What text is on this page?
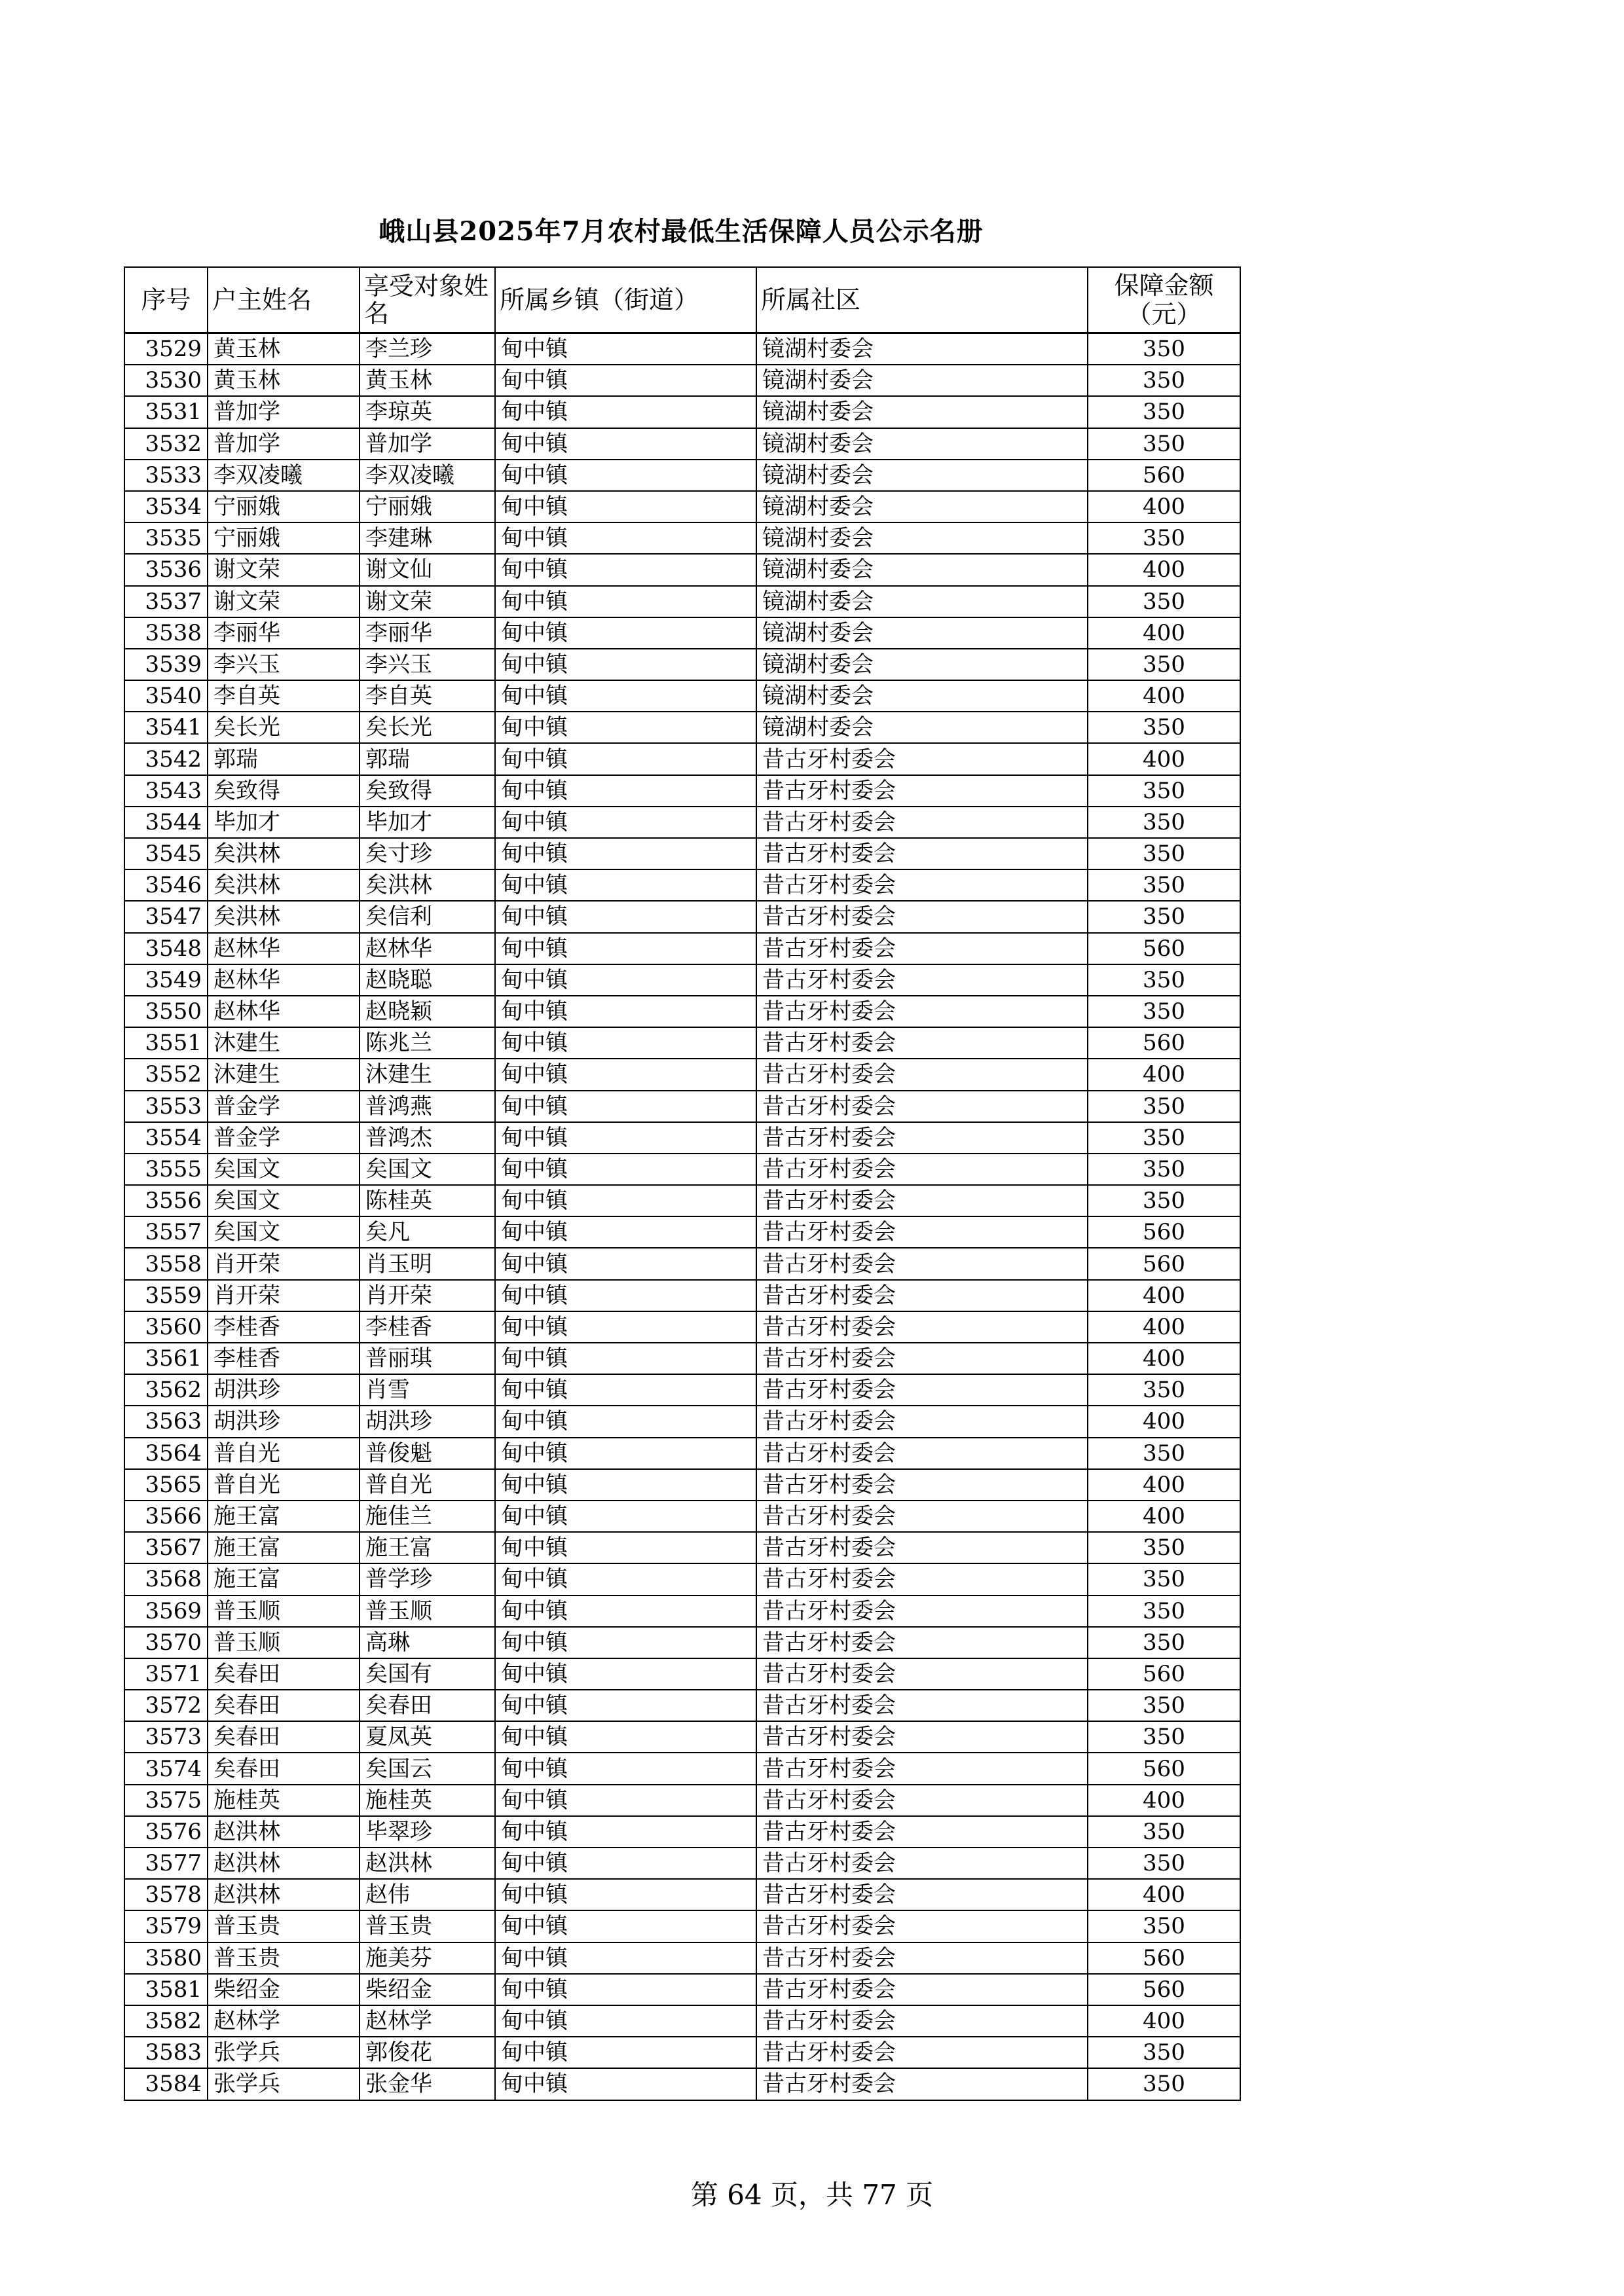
峨山县2025年7月农村最低生活保障人员公示名册
序号	户主姓名	享受对象姓名	所属乡镇（街道）	所属社区	保障金额（元）
3529	黄玉林	李兰珍	甸中镇	镜湖村委会	350
3530	黄玉林	黄玉林	甸中镇	镜湖村委会	350
3531	普加学	李琼英	甸中镇	镜湖村委会	350
3532	普加学	普加学	甸中镇	镜湖村委会	350
3533	李双凌曦	李双凌曦	甸中镇	镜湖村委会	560
3534	宁丽娥	宁丽娥	甸中镇	镜湖村委会	400
3535	宁丽娥	李建琳	甸中镇	镜湖村委会	350
3536	谢文荣	谢文仙	甸中镇	镜湖村委会	400
3537	谢文荣	谢文荣	甸中镇	镜湖村委会	350
3538	李丽华	李丽华	甸中镇	镜湖村委会	400
3539	李兴玉	李兴玉	甸中镇	镜湖村委会	350
3540	李自英	李自英	甸中镇	镜湖村委会	400
3541	矣长光	矣长光	甸中镇	镜湖村委会	350
3542	郭瑞	郭瑞	甸中镇	昔古牙村委会	400
3543	矣致得	矣致得	甸中镇	昔古牙村委会	350
3544	毕加才	毕加才	甸中镇	昔古牙村委会	350
3545	矣洪林	矣寸珍	甸中镇	昔古牙村委会	350
3546	矣洪林	矣洪林	甸中镇	昔古牙村委会	350
3547	矣洪林	矣信利	甸中镇	昔古牙村委会	350
3548	赵林华	赵林华	甸中镇	昔古牙村委会	560
3549	赵林华	赵晓聪	甸中镇	昔古牙村委会	350
3550	赵林华	赵晓颖	甸中镇	昔古牙村委会	350
3551	沐建生	陈兆兰	甸中镇	昔古牙村委会	560
3552	沐建生	沐建生	甸中镇	昔古牙村委会	400
3553	普金学	普鸿燕	甸中镇	昔古牙村委会	350
3554	普金学	普鸿杰	甸中镇	昔古牙村委会	350
3555	矣国文	矣国文	甸中镇	昔古牙村委会	350
3556	矣国文	陈桂英	甸中镇	昔古牙村委会	350
3557	矣国文	矣凡	甸中镇	昔古牙村委会	560
3558	肖开荣	肖玉明	甸中镇	昔古牙村委会	560
3559	肖开荣	肖开荣	甸中镇	昔古牙村委会	400
3560	李桂香	李桂香	甸中镇	昔古牙村委会	400
3561	李桂香	普丽琪	甸中镇	昔古牙村委会	400
3562	胡洪珍	肖雪	甸中镇	昔古牙村委会	350
3563	胡洪珍	胡洪珍	甸中镇	昔古牙村委会	400
3564	普自光	普俊魁	甸中镇	昔古牙村委会	350
3565	普自光	普自光	甸中镇	昔古牙村委会	400
3566	施王富	施佳兰	甸中镇	昔古牙村委会	400
3567	施王富	施王富	甸中镇	昔古牙村委会	350
3568	施王富	普学珍	甸中镇	昔古牙村委会	350
3569	普玉顺	普玉顺	甸中镇	昔古牙村委会	350
3570	普玉顺	高琳	甸中镇	昔古牙村委会	350
3571	矣春田	矣国有	甸中镇	昔古牙村委会	560
3572	矣春田	矣春田	甸中镇	昔古牙村委会	350
3573	矣春田	夏凤英	甸中镇	昔古牙村委会	350
3574	矣春田	矣国云	甸中镇	昔古牙村委会	560
3575	施桂英	施桂英	甸中镇	昔古牙村委会	400
3576	赵洪林	毕翠珍	甸中镇	昔古牙村委会	350
3577	赵洪林	赵洪林	甸中镇	昔古牙村委会	350
3578	赵洪林	赵伟	甸中镇	昔古牙村委会	400
3579	普玉贵	普玉贵	甸中镇	昔古牙村委会	350
3580	普玉贵	施美芬	甸中镇	昔古牙村委会	560
3581	柴绍金	柴绍金	甸中镇	昔古牙村委会	560
3582	赵林学	赵林学	甸中镇	昔古牙村委会	400
3583	张学兵	郭俊花	甸中镇	昔古牙村委会	350
3584	张学兵	张金华	甸中镇	昔古牙村委会	350
第 64 页，共 77 页
